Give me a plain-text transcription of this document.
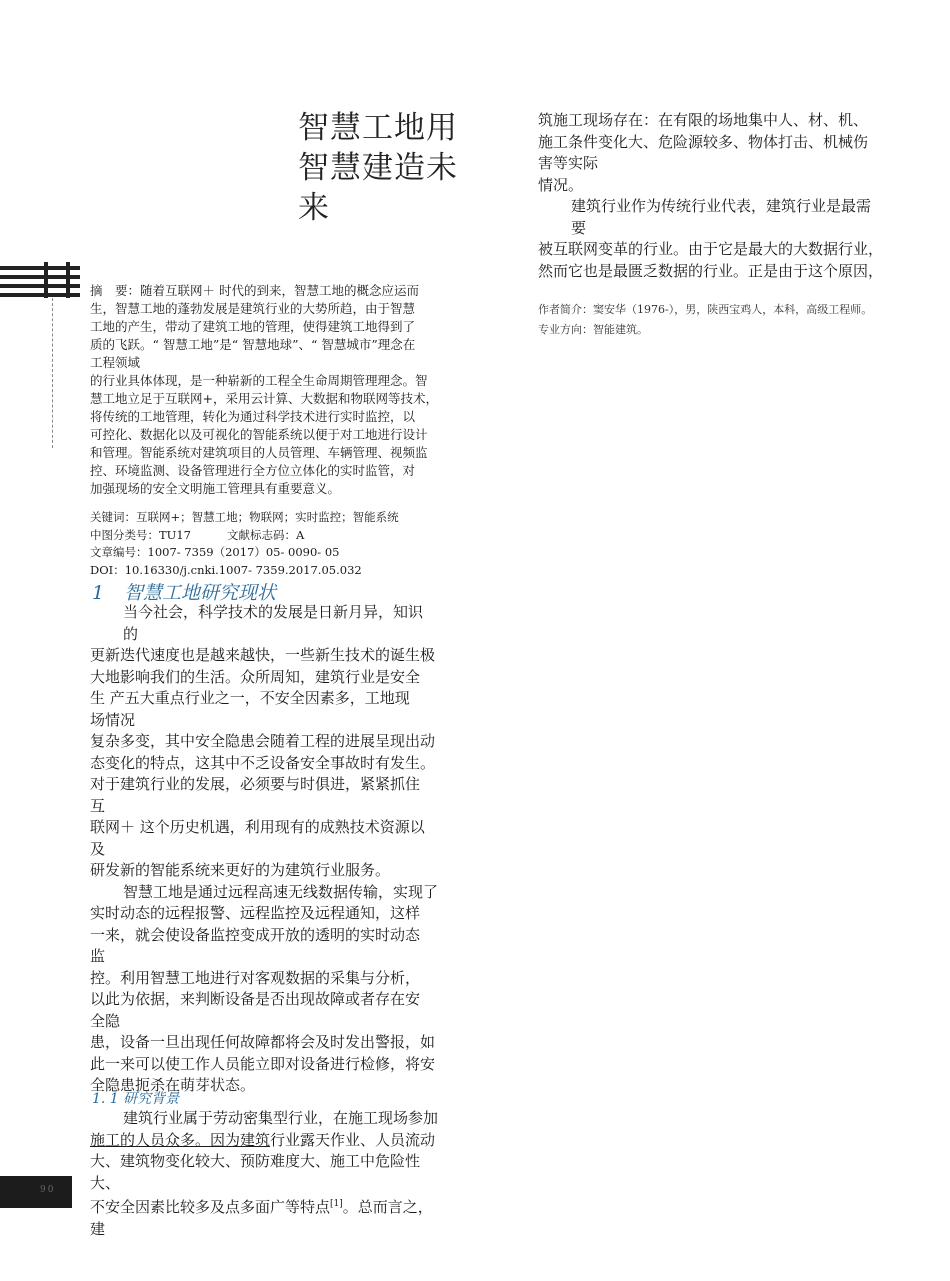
智慧工地用
智慧建造未
来

摘　要：随着互联网＋ 时代的到来，智慧工地的概念应运而

生，智慧工地的蓬勃发展是建筑行业的大势所趋，由于智慧

工地的产生，带动了建筑工地的管理，使得建筑工地得到了

质的飞跃。“ 智慧工地”是“ 智慧地球”、“ 智慧城市”理念在

工程领域

的行业具体体现，是一种崭新的工程全生命周期管理理念。智

慧工地立足于互联网+，采用云计算、大数据和物联网等技术，

将传统的工地管理，转化为通过科学技术进行实时监控，以

可控化、数据化以及可视化的智能系统以便于对工地进行设计

和管理。智能系统对建筑项目的人员管理、车辆管理、视频监

控、环境监测、设备管理进行全方位立体化的实时监管，对

加强现场的安全文明施工管理具有重要意义。

关键词：互联网+；智慧工地；物联网；实时监控；智能系统

中图分类号：TU17	文献标志码：A

文章编号：1007- 7359（2017）05- 0090- 05

DOI：10.16330/j.cnki.1007- 7359.2017.05.032

1 智慧工地研究现状

当今社会，科学技术的发展是日新月异，知识

的

更新迭代速度也是越来越快，一些新生技术的诞生极

大地影响我们的生活。众所周知，建筑行业是安全

生 产五大重点行业之一，不安全因素多，工地现

场情况

复杂多变，其中安全隐患会随着工程的进展呈现出动

态变化的特点，这其中不乏设备安全事故时有发生。

对于建筑行业的发展，必须要与时俱进，紧紧抓住

互

联网＋ 这个历史机遇，利用现有的成熟技术资源以

及

研发新的智能系统来更好的为建筑行业服务。

智慧工地是通过远程高速无线数据传输，实现了

实时动态的远程报警、远程监控及远程通知，这样

一来，就会使设备监控变成开放的透明的实时动态

监

控。利用智慧工地进行对客观数据的采集与分析，

以此为依据，来判断设备是否出现故障或者存在安

全隐

患，设备一旦出现任何故障都将会及时发出警报，如

此一来可以使工作人员能立即对设备进行检修，将安

全隐患扼杀在萌芽状态。

1. 1 研究背景

建筑行业属于劳动密集型行业，在施工现场参加

施工的人员众多。因为建筑行业露天作业、人员流动

大、建筑物变化较大、预防难度大、施工中危险性

大、

不安全因素比较多及点多面广等特点[1]。总而言之，

建

筑施工现场存在：在有限的场地集中人、材、机、

施工条件变化大、危险源较多、物体打击、机械伤

害等实际

情况。

建筑行业作为传统行业代表，建筑行业是最需

要

被互联网变革的行业。由于它是最大的大数据行业，

然而它也是最匮乏数据的行业。正是由于这个原因，

作者简介：窦安华（1976-），男，陕西宝鸡人，本科，高级工程师。

专业方向：智能建筑。

90
